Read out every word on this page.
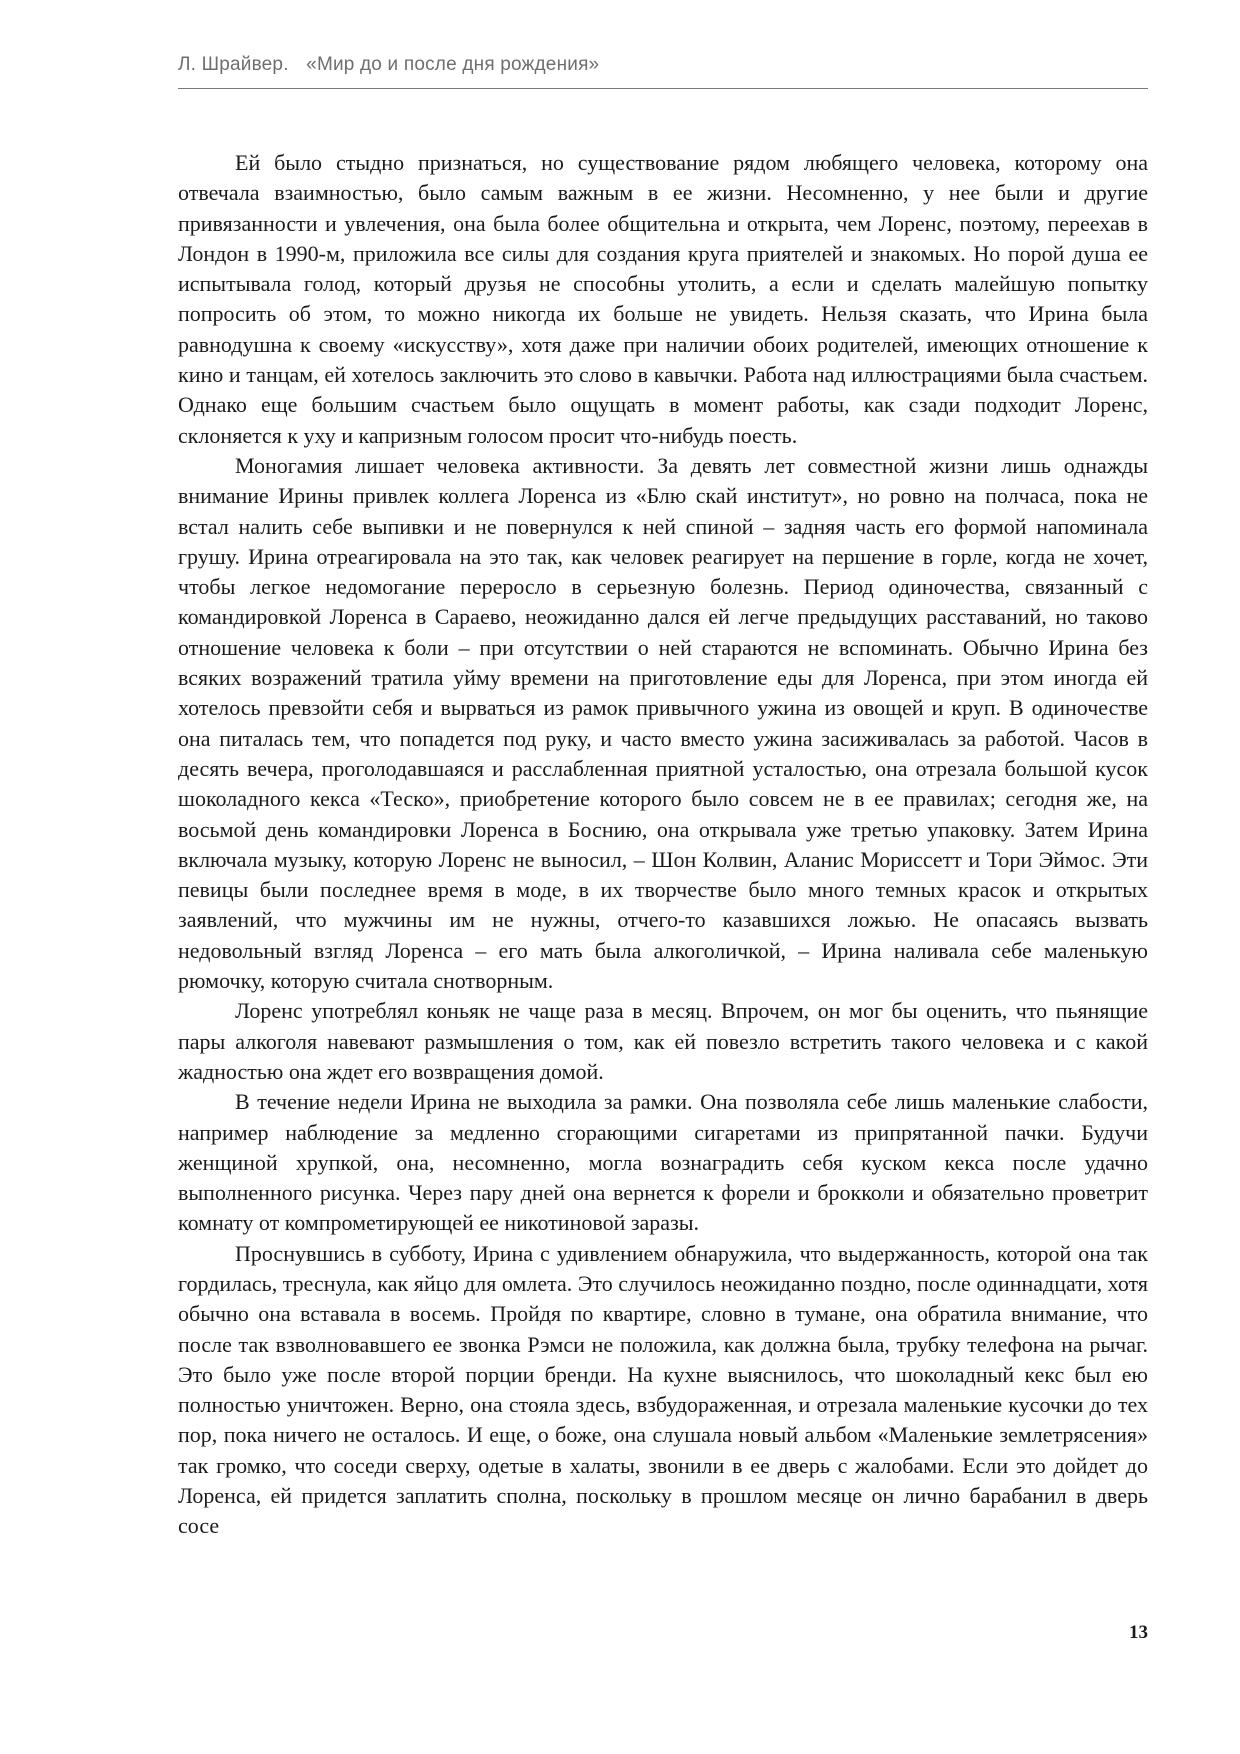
Л. Шрайвер. «Мир до и после дня рождения»

Ей было стыдно признаться, но существование рядом любящего человека, которому она отвечала взаимностью, было самым важным в ее жизни. Несомненно, у нее были и другие привязанности и увлечения, она была более общительна и открыта, чем Лоренс, поэтому, переехав в Лондон в 1990-м, приложила все силы для создания круга приятелей и знакомых. Но порой душа ее испытывала голод, который друзья не способны утолить, а если и сделать малейшую попытку попросить об этом, то можно никогда их больше не увидеть. Нельзя сказать, что Ирина была равнодушна к своему «искусству», хотя даже при наличии обоих родителей, имеющих отношение к кино и танцам, ей хотелось заключить это слово в кавычки. Работа над иллюстрациями была счастьем. Однако еще большим счастьем было ощущать в момент работы, как сзади подходит Лоренс, склоняется к уху и капризным голосом просит что-нибудь поесть.

Моногамия лишает человека активности. За девять лет совместной жизни лишь однажды внимание Ирины привлек коллега Лоренса из «Блю скай институт», но ровно на полчаса, пока не встал налить себе выпивки и не повернулся к ней спиной – задняя часть его формой напоминала грушу. Ирина отреагировала на это так, как человек реагирует на першение в горле, когда не хочет, чтобы легкое недомогание переросло в серьезную болезнь. Период одиночества, связанный с командировкой Лоренса в Сараево, неожиданно дался ей легче предыдущих расставаний, но таково отношение человека к боли – при отсутствии о ней стараются не вспоминать. Обычно Ирина без всяких возражений тратила уйму времени на приготовление еды для Лоренса, при этом иногда ей хотелось превзойти себя и вырваться из рамок привычного ужина из овощей и круп. В одиночестве она питалась тем, что попадется под руку, и часто вместо ужина засиживалась за работой. Часов в десять вечера, проголодавшаяся и расслабленная приятной усталостью, она отрезала большой кусок шоколадного кекса «Теско», приобретение которого было совсем не в ее правилах; сегодня же, на восьмой день командировки Лоренса в Боснию, она открывала уже третью упаковку. Затем Ирина включала музыку, которую Лоренс не выносил, – Шон Колвин, Аланис Мориссетт и Тори Эймос. Эти певицы были последнее время в моде, в их творчестве было много темных красок и открытых заявлений, что мужчины им не нужны, отчего-то казавшихся ложью. Не опасаясь вызвать недовольный взгляд Лоренса – его мать была алкоголичкой, – Ирина наливала себе маленькую рюмочку, которую считала снотворным.

Лоренс употреблял коньяк не чаще раза в месяц. Впрочем, он мог бы оценить, что пьянящие пары алкоголя навевают размышления о том, как ей повезло встретить такого человека и с какой жадностью она ждет его возвращения домой.

В течение недели Ирина не выходила за рамки. Она позволяла себе лишь маленькие слабости, например наблюдение за медленно сгорающими сигаретами из припрятанной пачки. Будучи женщиной хрупкой, она, несомненно, могла вознаградить себя куском кекса после удачно выполненного рисунка. Через пару дней она вернется к форели и брокколи и обязательно проветрит комнату от компрометирующей ее никотиновой заразы.

Проснувшись в субботу, Ирина с удивлением обнаружила, что выдержанность, которой она так гордилась, треснула, как яйцо для омлета. Это случилось неожиданно поздно, после одиннадцати, хотя обычно она вставала в восемь. Пройдя по квартире, словно в тумане, она обратила внимание, что после так взволновавшего ее звонка Рэмси не положила, как должна была, трубку телефона на рычаг. Это было уже после второй порции бренди. На кухне выяснилось, что шоколадный кекс был ею полностью уничтожен. Верно, она стояла здесь, взбудораженная, и отрезала маленькие кусочки до тех пор, пока ничего не осталось. И еще, о боже, она слушала новый альбом «Маленькие землетрясения» так громко, что соседи сверху, одетые в халаты, звонили в ее дверь с жалобами. Если это дойдет до Лоренса, ей придется заплатить сполна, поскольку в прошлом месяце он лично барабанил в дверь сосе

13
